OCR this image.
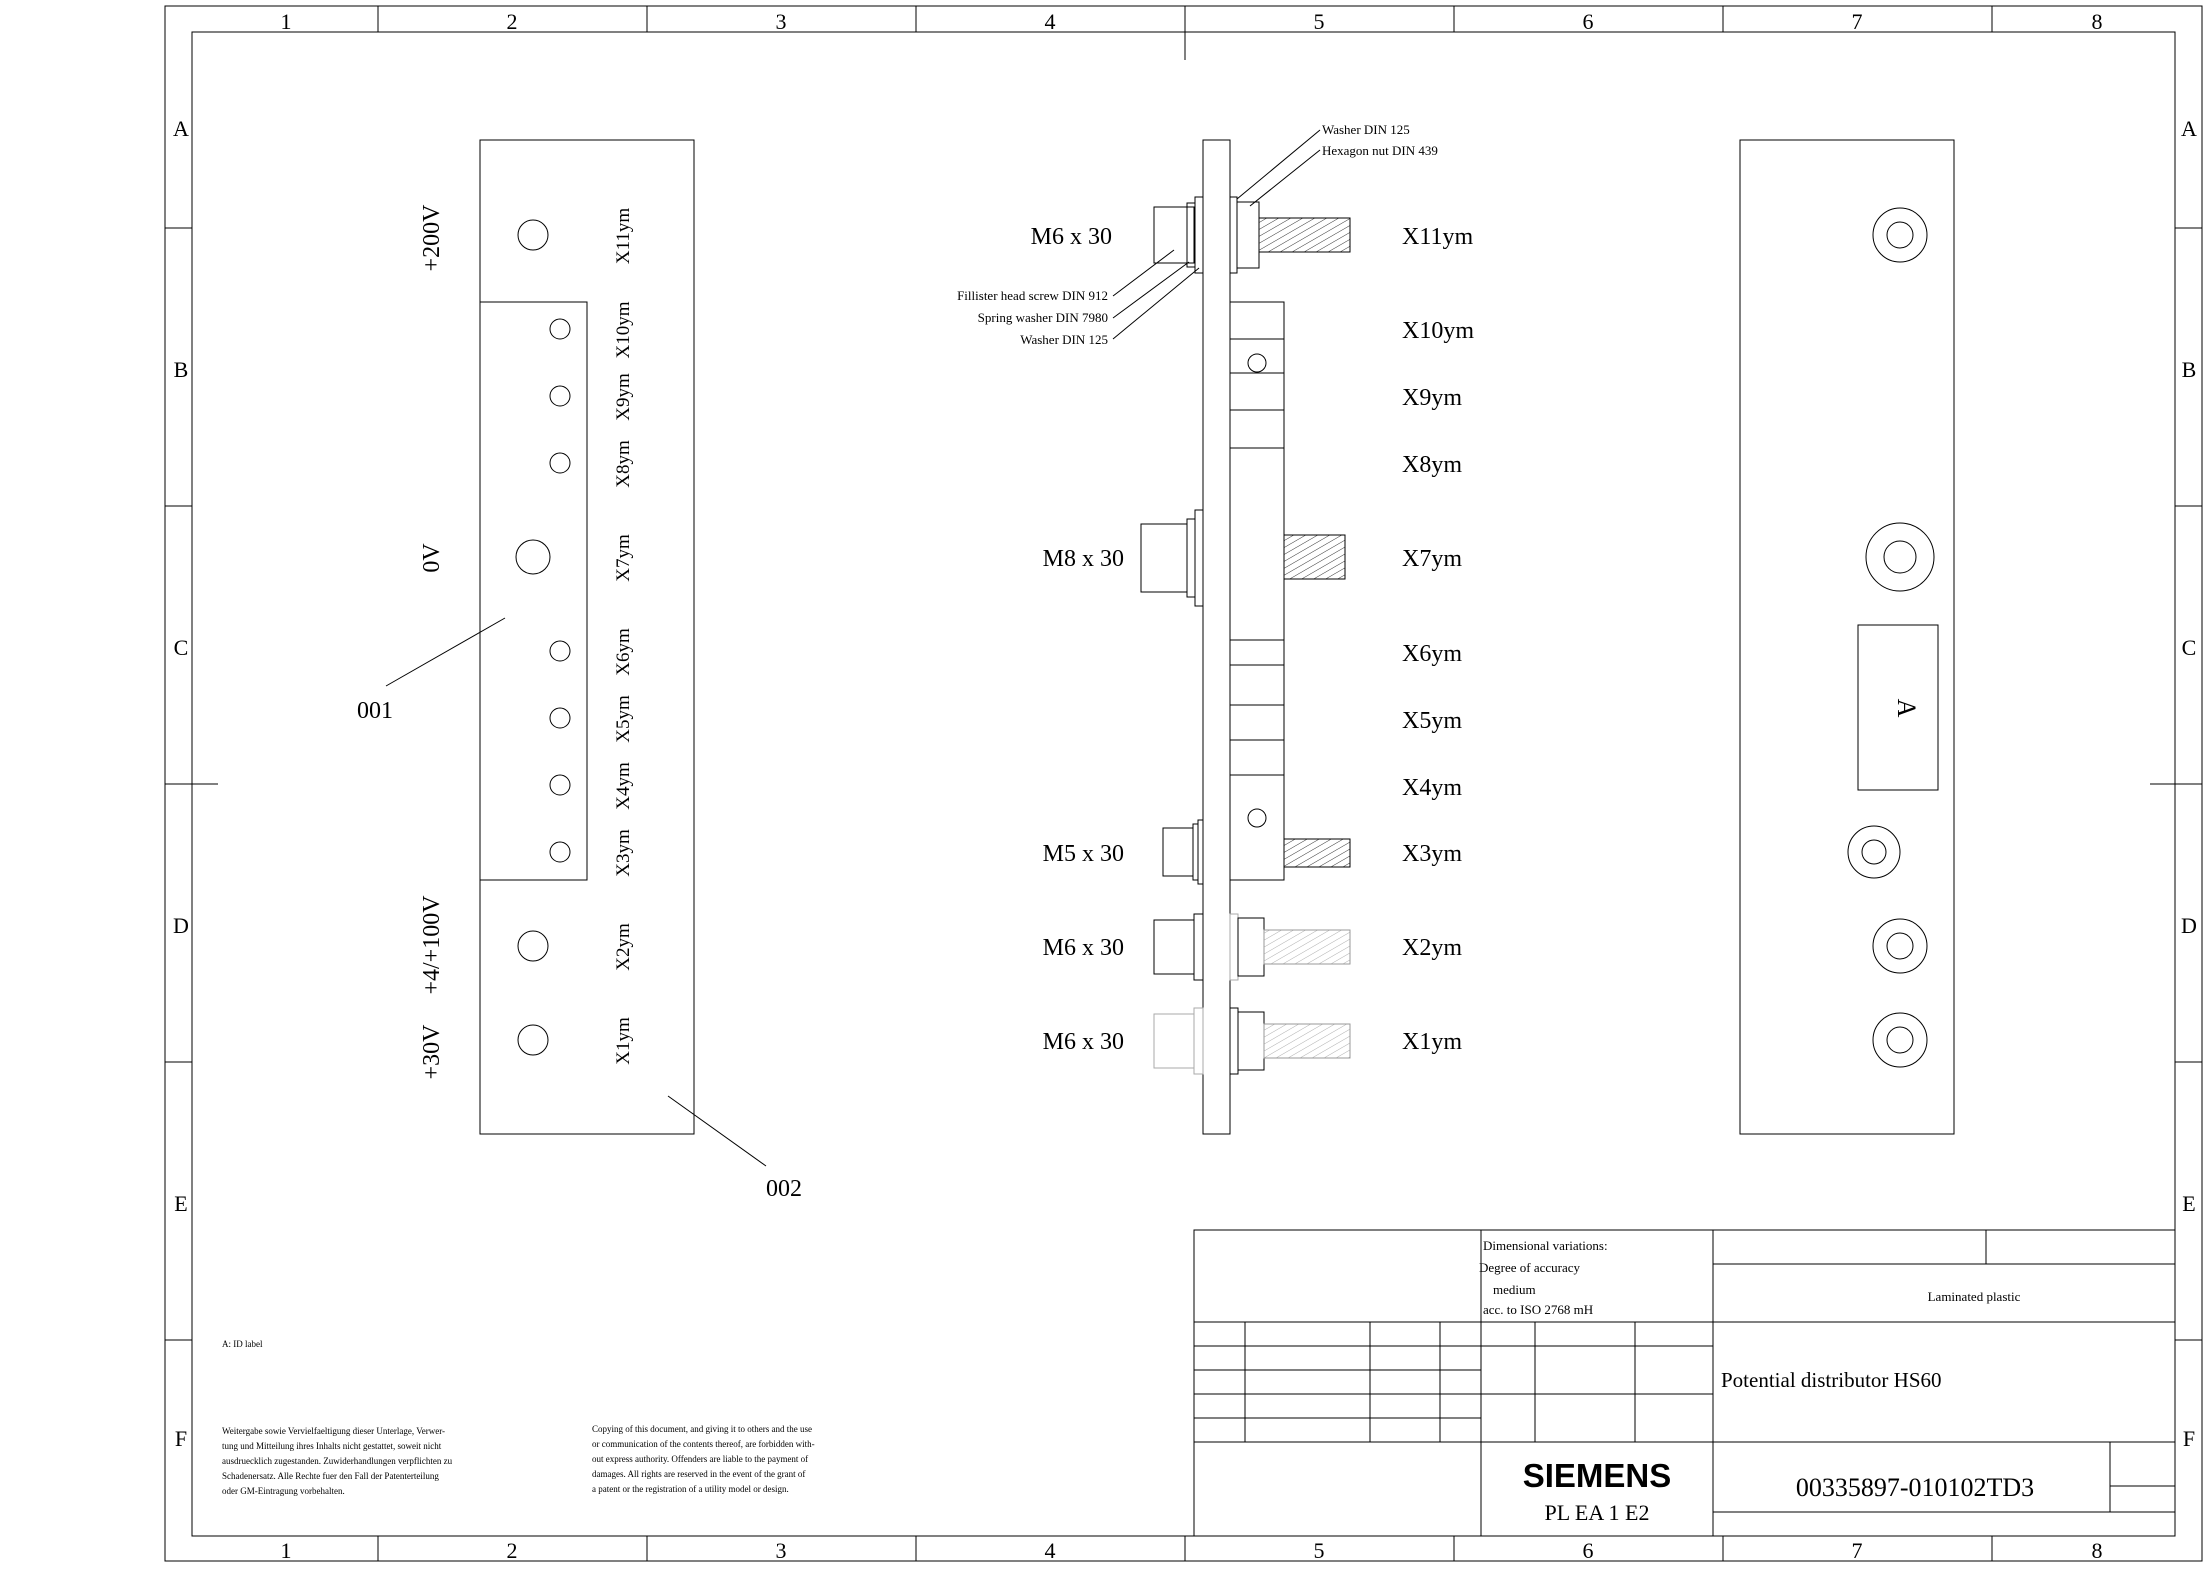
1	2	3	4	5	6	7	8
1	2	3	4	5	6	7	8
A
B
C
D
E
F
A
B
C
D
E
F
+200V
0V
+4/+100V
+30V
X11ym
X10ym
X9ym
X8ym
X7ym
X6ym
X5ym
X4ym
X3ym
X2ym
X1ym
001
002
Washer DIN 125
Hexagon nut DIN 439
Fillister head screw DIN 912
Spring washer DIN 7980
Washer DIN 125
M6 x 30
M8 x 30
M5 x 30
M6 x 30
M6 x 30
X11ym
X10ym
X9ym
X8ym
X7ym
X6ym
X5ym
X4ym
X3ym
X2ym
X1ym
A
A: ID label
Weitergabe sowie Vervielfaeltigung dieser Unterlage, Verwer-
tung und Mitteilung ihres Inhalts nicht gestattet, soweit nicht
ausdruecklich zugestanden. Zuwiderhandlungen verpflichten zu
Schadenersatz. Alle Rechte fuer den Fall der Patenterteilung
oder GM-Eintragung vorbehalten.
Copying of this document, and giving it to others and the use
or communication of the contents thereof, are forbidden with-
out express authority. Offenders are liable to the payment of
damages. All rights are reserved in the event of the grant of
a patent or the registration of a utility model or design.
Dimensional variations:
Degree of accuracy
medium
acc. to ISO 2768 mH
Laminated plastic
Potential distributor HS60
SIEMENS
PL EA 1 E2
00335897-010102TD3
